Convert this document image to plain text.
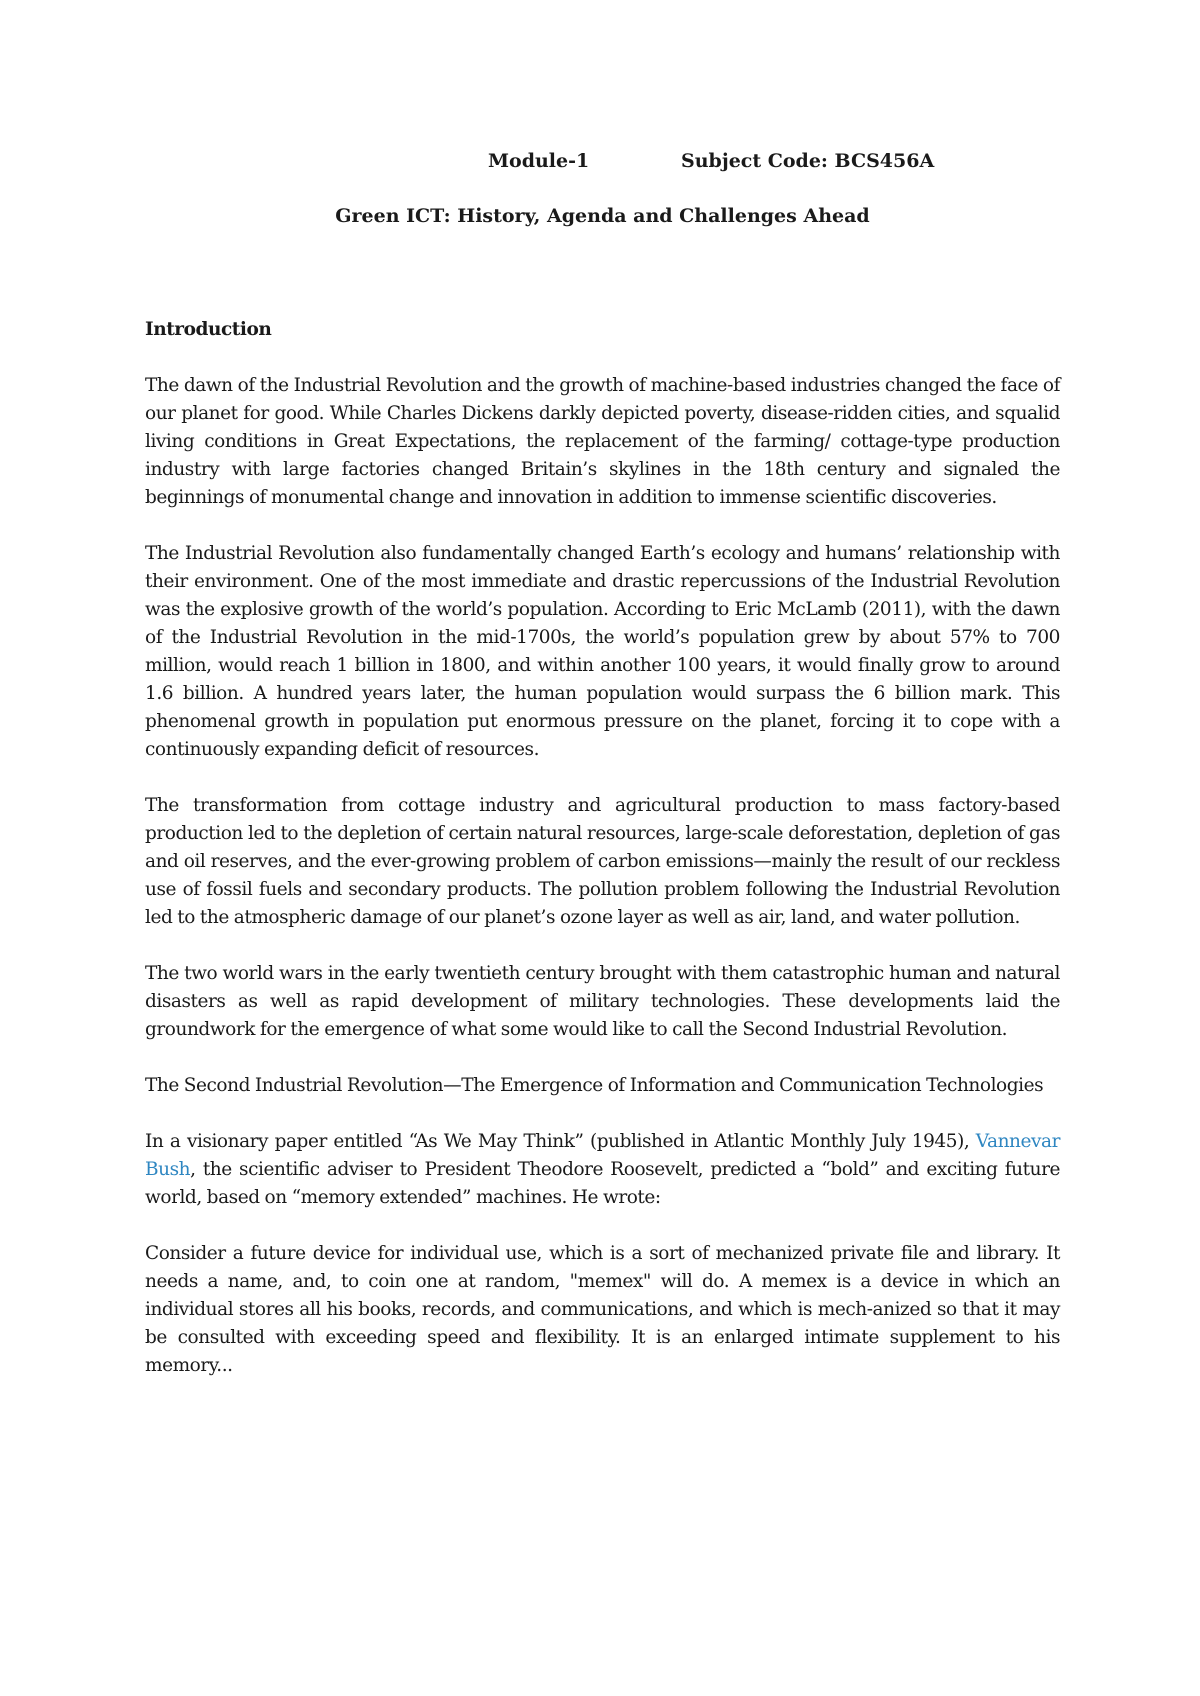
Module-1	Subject Code: BCS456A
Green ICT: History, Agenda and Challenges Ahead

Introduction

The dawn of the Industrial Revolution and the growth of machine-based industries changed the face of our planet for good. While Charles Dickens darkly depicted poverty, disease-ridden cities, and squalid living conditions in Great Expectations, the replacement of the farming/ cottage-type production industry with large factories changed Britain’s skylines in the 18th century and signaled the beginnings of monumental change and innovation in addition to immense scientific discoveries.

The Industrial Revolution also fundamentally changed Earth’s ecology and humans’ relationship with their environment. One of the most immediate and drastic repercussions of the Industrial Revolution was the explosive growth of the world’s population. According to Eric McLamb (2011), with the dawn of the Industrial Revolution in the mid-1700s, the world’s population grew by about 57% to 700 million, would reach 1 billion in 1800, and within another 100 years, it would finally grow to around 1.6 billion. A hundred years later, the human population would surpass the 6 billion mark. This phenomenal growth in population put enormous pressure on the planet, forcing it to cope with a continuously expanding deficit of resources.

The transformation from cottage industry and agricultural production to mass factory-based production led to the depletion of certain natural resources, large-scale deforestation, depletion of gas and oil reserves, and the ever-growing problem of carbon emissions—mainly the result of our reckless use of fossil fuels and secondary products. The pollution problem following the Industrial Revolution led to the atmospheric damage of our planet’s ozone layer as well as air, land, and water pollution.

The two world wars in the early twentieth century brought with them catastrophic human and natural disasters as well as rapid development of military technologies. These developments laid the groundwork for the emergence of what some would like to call the Second Industrial Revolution.

The Second Industrial Revolution—The Emergence of Information and Communication Technologies

In a visionary paper entitled “As We May Think” (published in Atlantic Monthly July 1945), Vannevar Bush, the scientific adviser to President Theodore Roosevelt, predicted a “bold” and exciting future world, based on “memory extended” machines. He wrote:

Consider a future device for individual use, which is a sort of mechanized private file and library. It needs a name, and, to coin one at random, "memex" will do. A memex is a device in which an individual stores all his books, records, and communications, and which is mech-anized so that it may be consulted with exceeding speed and flexibility. It is an enlarged intimate supplement to his memory...
